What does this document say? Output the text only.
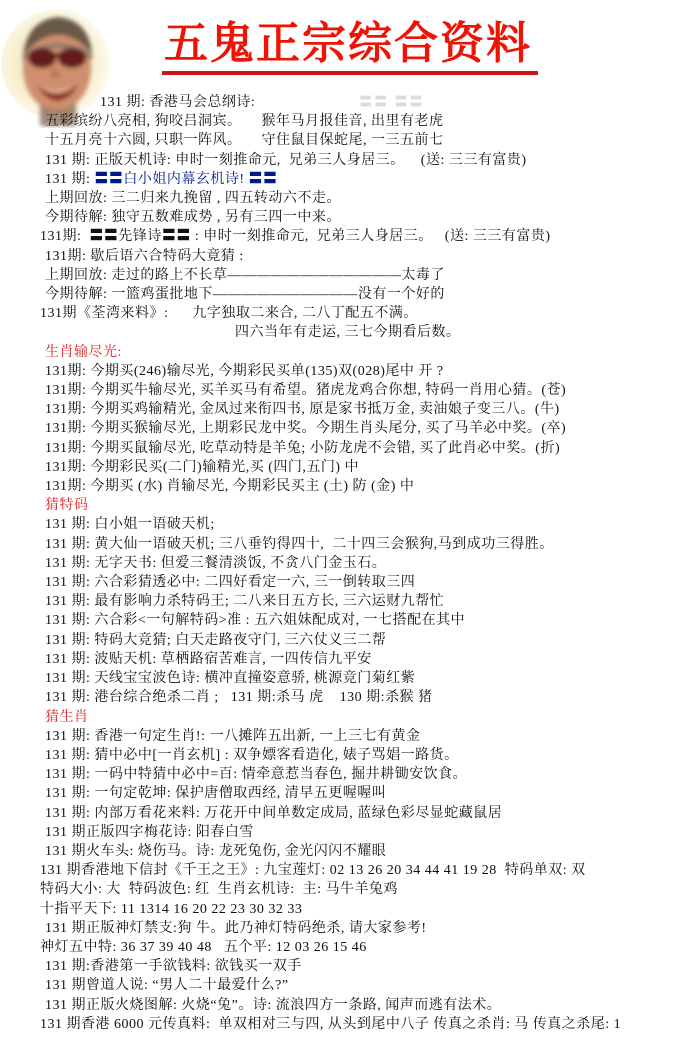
五鬼正宗综合资料
131 期: 香港马会总纲诗:	〓〓 〓〓
五彩缤纷八亮相, 狗咬吕洞宾。     猴年马月报佳音, 出里有老虎
十五月亮十六圆, 只职一阵风。     守住鼠目保蛇尾, 一三五前七
131 期: 正版天机诗: 申时一刻推命元,  兄弟三人身居三。    (送: 三三有富贵)
131 期: 〓〓白小姐内幕玄机诗! 〓〓
上期回放: 三二归来九挽留 , 四五转动六不走。
今期待解: 独守五数难成势 , 另有三四一中来。
131期:  〓〓先锋诗〓〓 : 申时一刻推命元,  兄弟三人身居三。   (送: 三三有富贵)
131期: 歇后语六合特码大竟猜 :
上期回放: 走过的路上不长草————————————太毒了
今期待解: 一篮鸡蛋批地下——————————没有一个好的
131期《荃湾来料》:      九字独取二来合, 二八丁配五不满。
四六当年有走运, 三七今期看后数。
生肖输尽光:
131期: 今期买(246)输尽光, 今期彩民买单(135)双(028)尾中 开 ?
131期: 今期买牛输尽光, 买羊买马有希望。猪虎龙鸡合你想, 特码一肖用心猜。(苍)
131期: 今期买鸡输精光, 金凤过来衔四书, 原是家书抵万金, 卖油娘子变三八。(牛)
131期: 今期买猴输尽光, 上期彩民龙中奖。今期生肖头尾分, 买了马羊必中奖。(卒)
131期: 今期买鼠输尽光, 吃草动特是羊兔; 小防龙虎不会错, 买了此肖必中奖。(折)
131期: 今期彩民买(二门)输精光,买 (四门,五门) 中
131期: 今期买 (水) 肖输尽光, 今期彩民买主 (土) 防 (金) 中
猜特码
131 期: 白小姐一语破天机;
131 期: 黄大仙一语破天机; 三八垂钓得四十,  二十四三会猴狗,马到成功三得胜。
131 期: 无字天书: 但爱三餐清淡饭, 不贪八门金玉石。
131 期: 六合彩猜透必中: 二四好看定一六, 三一倒转取三四
131 期: 最有影响力杀特码王; 二八来日五方长, 三六运财九帮忙
131 期: 六合彩<一句解特码>准 : 五六姐妹配成对, 一七搭配在其中
131 期: 特码大竞猜; 白天走路夜守门, 三六仗义三二帮
131 期: 波贴天机: 草栖路宿苦难言, 一四传信九平安
131 期: 天线宝宝波色诗: 横冲直撞姿意骄, 桃源竞门菊红紫
131 期: 港台综合绝杀二肖 ;   131 期:杀马 虎    130 期:杀猴 猪
猜生肖
131 期: 香港一句定生肖!: 一八摊阵五出新, 一上三七有黄金
131 期: 猜中必中[一肖玄机] : 双争嫖客看造化, 婊子骂娼一路货。
131 期: 一码中特猜中必中=百: 情牵意惹当春色, 掘井耕锄安饮食。
131 期: 一句定乾坤: 保护唐僧取西经, 清早五更喔喔叫
131 期: 内部万看花来料: 万花开中间单数定成局, 蓝绿色彩尽显蛇藏鼠居
131 期正版四字梅花诗: 阳春白雪
131 期火车头: 烧伤马。诗: 龙死兔伤, 金光闪闪不耀眼
131 期香港地下信封《千王之王》: 九宝莲灯: 02 13 26 20 34 44 41 19 28  特码单双: 双
特码大小: 大  特码波色: 红  生肖玄机诗:  主: 马牛羊兔鸡
十指平天下: 11 1314 16 20 22 23 30 32 33
131 期正版神灯禁支:狗 牛。此乃神灯特码绝杀, 请大家参考!
神灯五中特: 36 37 39 40 48   五个平: 12 03 26 15 46
131 期:香港第一手欲钱料: 欲钱买一双手
131 期曾道人说: “男人二十最爱什么?”
131 期正版火烧图解: 火烧“兔”。诗: 流浪四方一条路, 闻声而逃有法术。
131 期香港 6000 元传真料:  单双相对三与四, 从头到尾中八子 传真之杀肖: 马 传真之杀尾: 1
